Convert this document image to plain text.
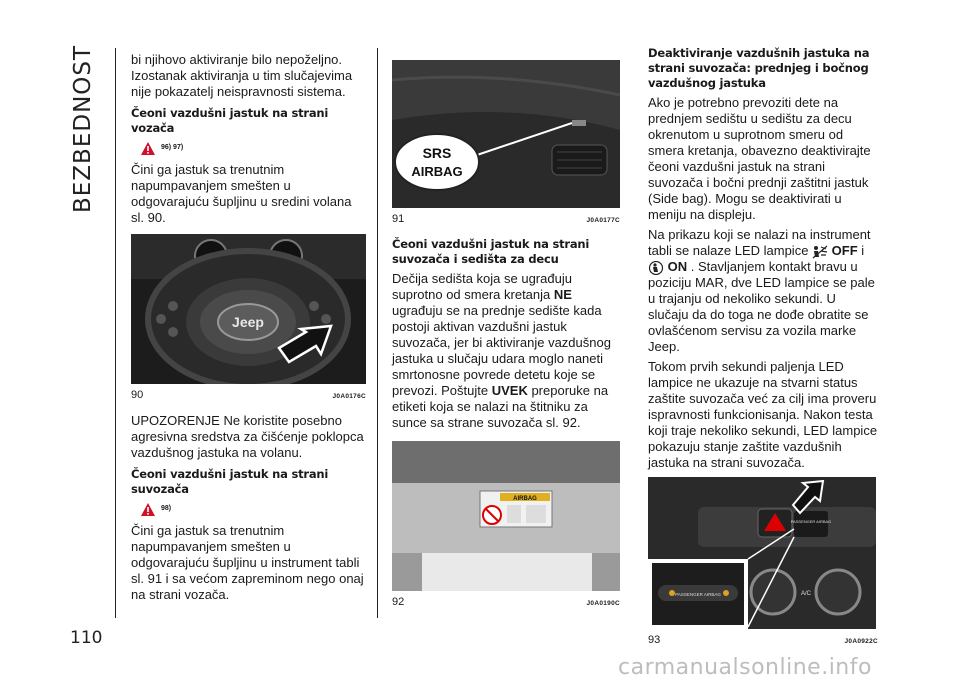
BEZBEDNOST
110

bi njihovo aktiviranje bilo nepoželjno. Izostanak aktiviranja u tim slučajevima nije pokazatelj neispravnosti sistema.

Čeoni vazdušni jastuk na strani vozača
96) 97)

Čini ga jastuk sa trenutnim napumpavanjem smešten u odgovarajuću šupljinu u sredini volana sl. 90.

Jeep
90	J0A0176C

UPOZORENJE Ne koristite posebno agresivna sredstva za čišćenje poklopca vazdušnog jastuka na volanu.

Čeoni vazdušni jastuk na strani suvozača
98)

Čini ga jastuk sa trenutnim napumpavanjem smešten u odgovarajuću šupljinu u instrument tabli sl. 91 i sa većom zapreminom nego onaj na strani vozača.

SRS
AIRBAG
91	J0A0177C
Čeoni vazdušni jastuk na strani suvozača i sedišta za decu

Dečija sedišta koja se ugrađuju suprotno od smera kretanja NE ugrađuju se na prednje sedište kada postoji aktivan vazdušni jastuk suvozača, jer bi aktiviranje vazdušnog jastuka u slučaju udara moglo naneti smrtonosne povrede detetu koje se prevozi. Poštujte UVEK preporuke na etiketi koja se nalazi na štitniku za sunce sa strane suvozača sl. 92.

AIRBAG
92	J0A0190C
Deaktiviranje vazdušnih jastuka na strani suvozača: prednjeg i bočnog vazdušnog jastuka

Ako je potrebno prevoziti dete na prednjem sedištu u sedištu za decu okrenutom u suprotnom smeru od smera kretanja, obavezno deaktivirajte čeoni vazdušni jastuk na strani suvozača i bočni prednji zaštitni jastuk (Side bag). Mogu se deaktivirati u meniju na displeju.

Na prikazu koji se nalazi na instrument tabli se nalaze LED lampice  OFF i  ON . Stavljanjem kontakt bravu u poziciju MAR, dve LED lampice se pale u trajanju od nekoliko sekundi. U slučaju da do toga ne dođe obratite se ovlašćenom servisu za vozila marke Jeep.

Tokom prvih sekundi paljenja LED lampice ne ukazuje na stvarni status zaštite suvozača već za cilj ima proveru ispravnosti funkcionisanja. Nakon testa koji traje nekoliko sekundi, LED lampice pokazuju stanje zaštite vazdušnih jastuka na strani suvozača.

PASSENGER AIRBAG
A/C
PASSENGER AIRBAG
93	J0A0922C
carmanualsonline.info
